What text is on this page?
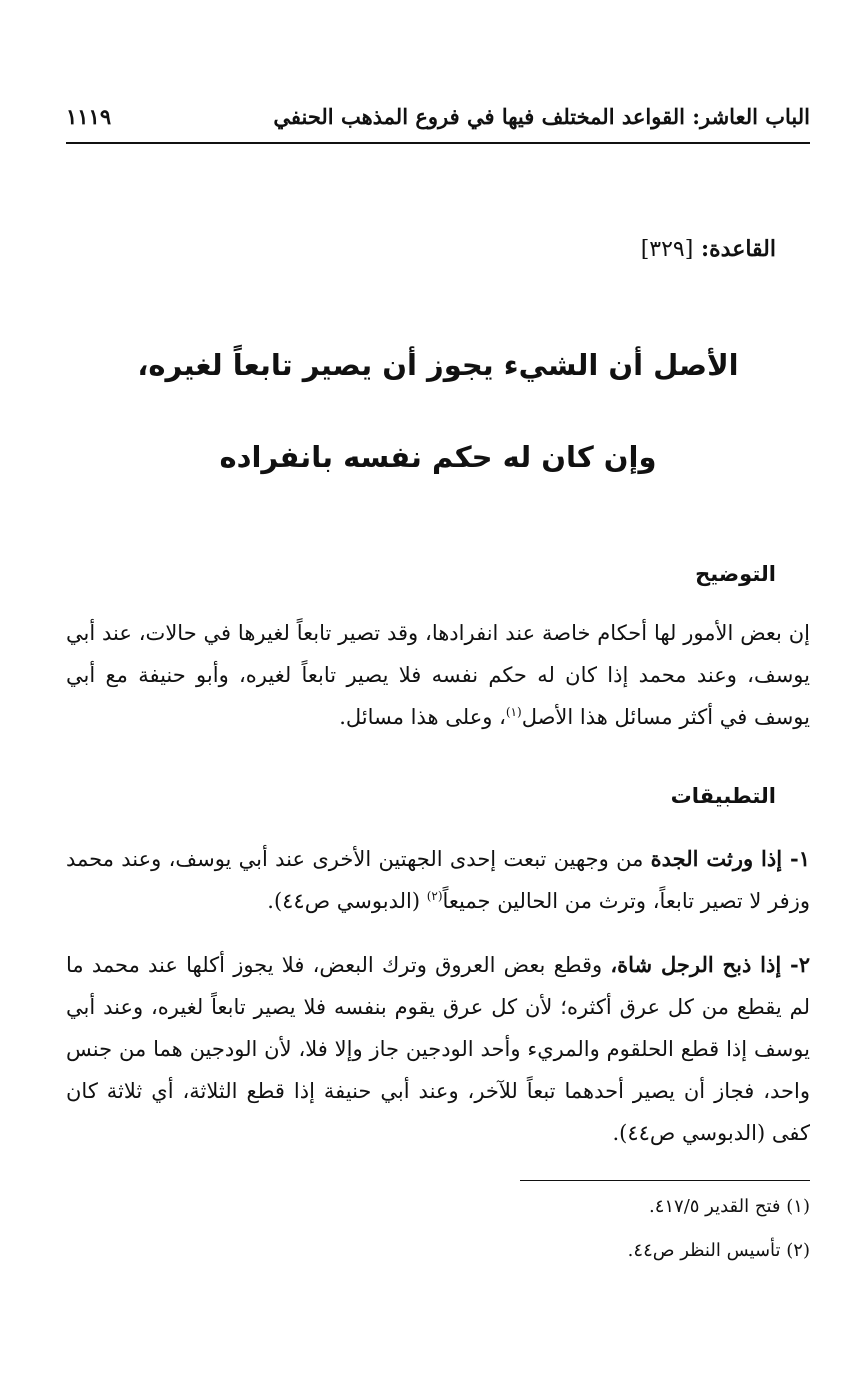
الباب العاشر: القواعد المختلف فيها في فروع المذهب الحنفي
١١١٩
القاعدة: [٣٢٩]
الأصل أن الشيء يجوز أن يصير تابعاً لغيره،
وإن كان له حكم نفسه بانفراده
التوضيح

إن بعض الأمور لها أحكام خاصة عند انفرادها، وقد تصير تابعاً لغيرها في حالات، عند أبي يوسف، وعند محمد إذا كان له حكم نفسه فلا يصير تابعاً لغيره، وأبو حنيفة مع أبي يوسف في أكثر مسائل هذا الأصل$^{(١)}$، وعلى هذا مسائل.

التطبيقات

١- إذا ورثت الجدة من وجهين تبعت إحدى الجهتين الأخرى عند أبي يوسف، وعند محمد وزفر لا تصير تابعاً، وترث من الحالين جميعاً$^{(٢)}$ (الدبوسي ص٤٤).

٢- إذا ذبح الرجل شاة، وقطع بعض العروق وترك البعض، فلا يجوز أكلها عند محمد ما لم يقطع من كل عرق أكثره؛ لأن كل عرق يقوم بنفسه فلا يصير تابعاً لغيره، وعند أبي يوسف إذا قطع الحلقوم والمريء وأحد الودجين جاز وإلا فلا، لأن الودجين هما من جنس واحد، فجاز أن يصير أحدهما تبعاً للآخر، وعند أبي حنيفة إذا قطع الثلاثة، أي ثلاثة كان كفى (الدبوسي ص٤٤).

(١) فتح القدير ٤١٧/٥.
(٢) تأسيس النظر ص٤٤.
